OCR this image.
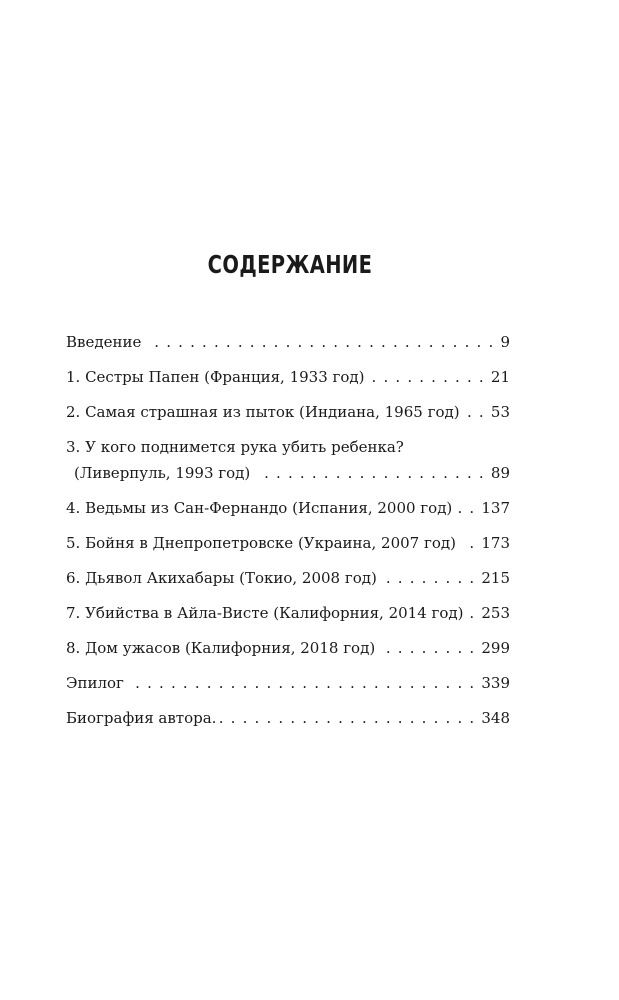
СОДЕРЖАНИЕ
Введение . . .	9
1. Сестры Папен (Франция, 1933 год) . . .	21
2. Самая страшная из пыток (Индиана, 1965 год) . . . 53
3. У кого поднимется рука убить ребенка?
(Ливерпуль, 1993 год) . . .	89
4. Ведьмы из Сан-Фернандо (Испания, 2000 год) . . . 137
5. Бойня в Днепропетровске (Украина, 2007 год) . . . 173
6. Дьявол Акихабары (Токио, 2008 год) . . .	215
7. Убийства в Айла-Висте (Калифорния, 2014 год) . . . 253
8. Дом ужасов (Калифорния, 2018 год) . . .	299
Эпилог . . .	339
Биография автора. . . .	348
